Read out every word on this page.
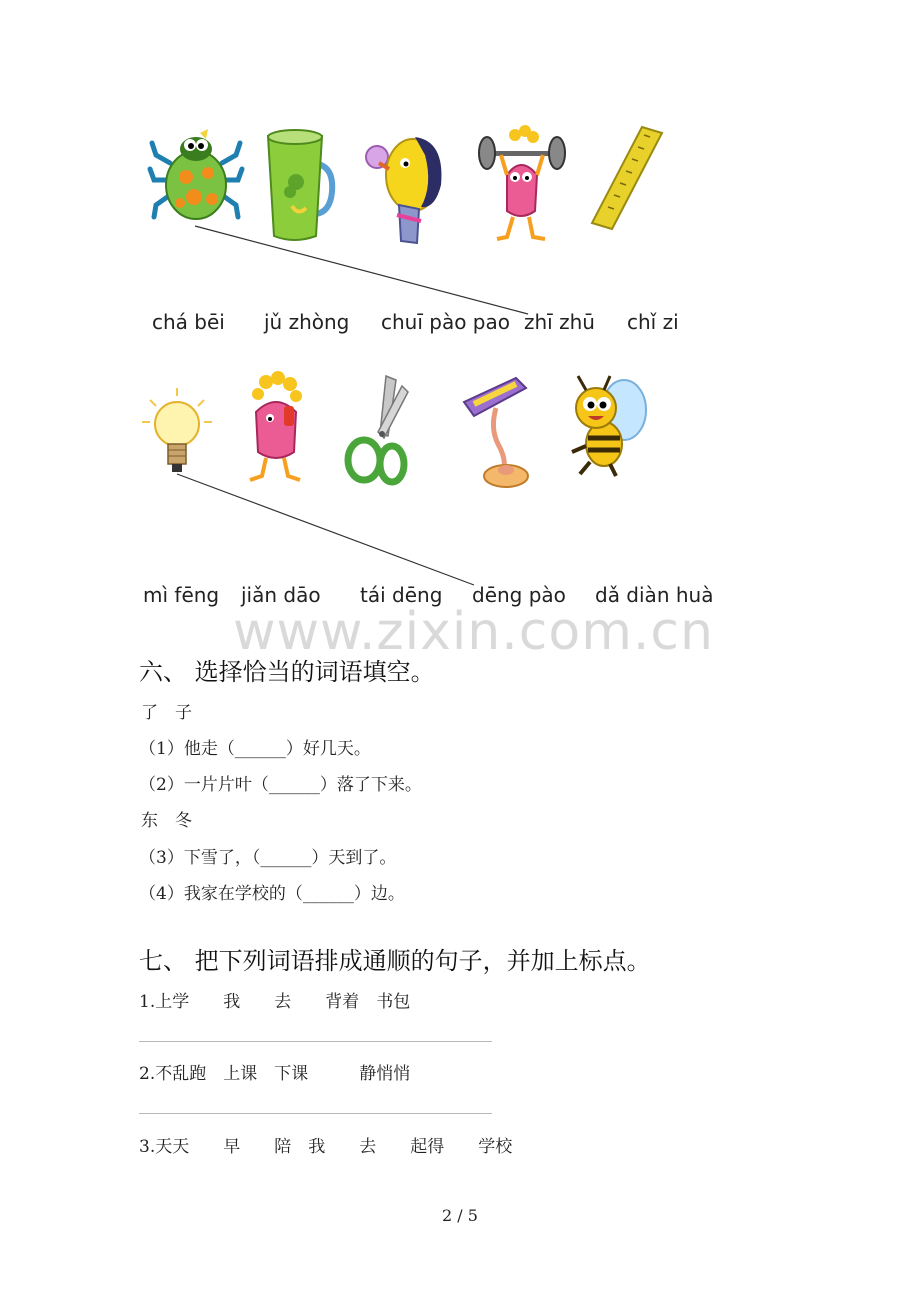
chá bēi jǔ zhòng chuī pào pao zhī zhū chǐ zi
mì fēng jiǎn dāo tái dēng dēng pào dǎ diàn huà
www.zixin.com.cn
六、 选择恰当的词语填空。
了　子
（1）他走（______）好几天。
（2）一片片叶（______）落了下来。
东　冬
（3）下雪了，（______）天到了。
（4）我家在学校的（______）边。
七、 把下列词语排成通顺的句子，并加上标点。
1.上学　　我　　去　　背着　书包
2.不乱跑　上课　下课　　　静悄悄
3.天天　　早　　陪　我　　去　　起得　　学校
2 / 5
